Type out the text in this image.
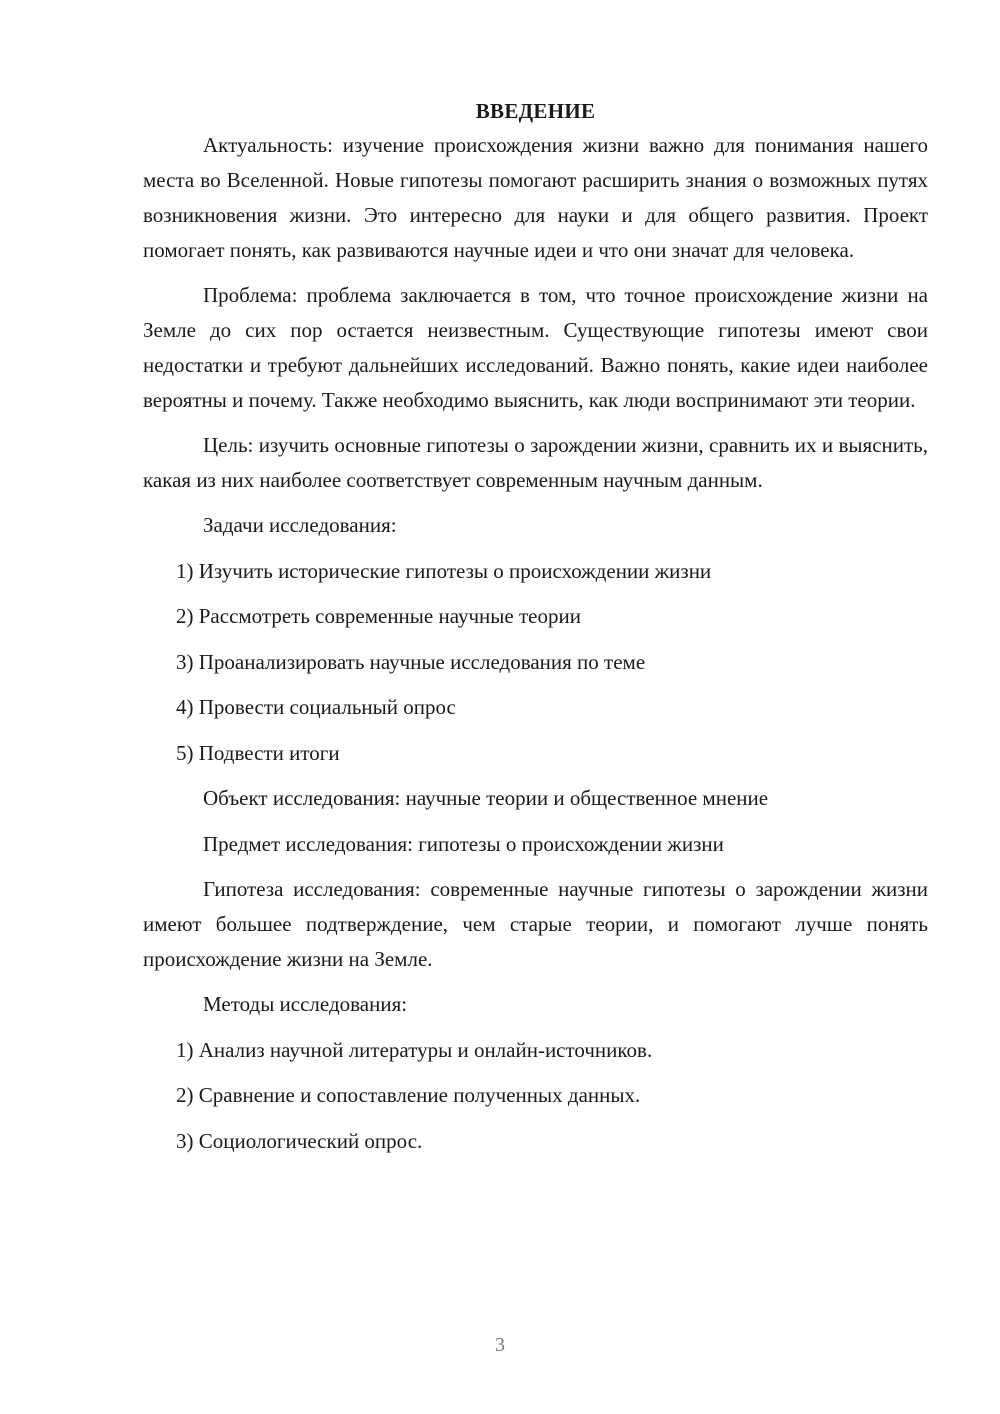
ВВЕДЕНИЕ

Актуальность: изучение происхождения жизни важно для понимания нашего места во Вселенной. Новые гипотезы помогают расширить знания о возможных путях возникновения жизни. Это интересно для науки и для общего развития. Проект помогает понять, как развиваются научные идеи и что они значат для человека.

Проблема: проблема заключается в том, что точное происхождение жизни на Земле до сих пор остается неизвестным. Существующие гипотезы имеют свои недостатки и требуют дальнейших исследований. Важно понять, какие идеи наиболее вероятны и почему. Также необходимо выяснить, как люди воспринимают эти теории.

Цель: изучить основные гипотезы о зарождении жизни, сравнить их и выяснить, какая из них наиболее соответствует современным научным данным.

Задачи исследования:

1) Изучить исторические гипотезы о происхождении жизни

2) Рассмотреть современные научные теории

3) Проанализировать научные исследования по теме

4) Провести социальный опрос

5) Подвести итоги

Объект исследования: научные теории и общественное мнение

Предмет исследования: гипотезы о происхождении жизни

Гипотеза исследования: современные научные гипотезы о зарождении жизни имеют большее подтверждение, чем старые теории, и помогают лучше понять происхождение жизни на Земле.

Методы исследования:

1) Анализ научной литературы и онлайн-источников.

2) Сравнение и сопоставление полученных данных.

3) Социологический опрос.

3
